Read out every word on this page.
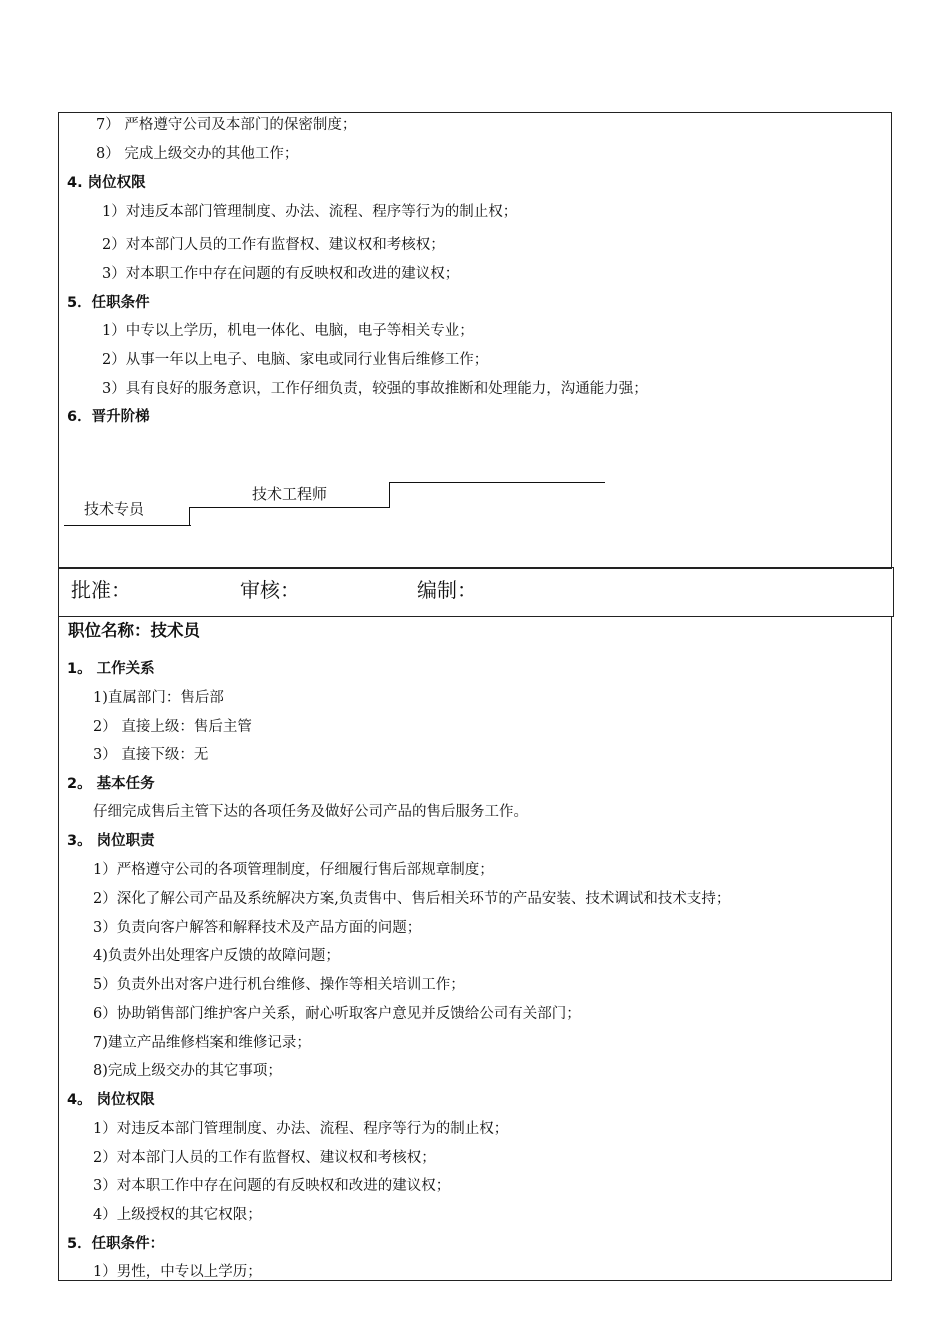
7） 严格遵守公司及本部门的保密制度；
8） 完成上级交办的其他工作；
4. 岗位权限
1）对违反本部门管理制度、办法、流程、程序等行为的制止权；
2）对本部门人员的工作有监督权、建议权和考核权；
3）对本职工作中存在问题的有反映权和改进的建议权；
5．任职条件
1）中专以上学历，机电一体化、电脑，电子等相关专业；
2）从事一年以上电子、电脑、家电或同行业售后维修工作；
3）具有良好的服务意识，工作仔细负责，较强的事故推断和处理能力，沟通能力强；
6．晋升阶梯
技术专员
技术工程师
批准：	审核：	编制：
职位名称：技术员
1。 工作关系
1)直属部门：售后部
2） 直接上级：售后主管
3） 直接下级：无
2。 基本任务
仔细完成售后主管下达的各项任务及做好公司产品的售后服务工作。
3。 岗位职责
1）严格遵守公司的各项管理制度，仔细履行售后部规章制度；
2）深化了解公司产品及系统解决方案,负责售中、售后相关环节的产品安装、技术调试和技术支持；
3）负责向客户解答和解释技术及产品方面的问题；
4)负责外出处理客户反馈的故障问题；
5）负责外出对客户进行机台维修、操作等相关培训工作；
6）协助销售部门维护客户关系，耐心听取客户意见并反馈给公司有关部门；
7)建立产品维修档案和维修记录；
8)完成上级交办的其它事项；
4。 岗位权限
1）对违反本部门管理制度、办法、流程、程序等行为的制止权；
2）对本部门人员的工作有监督权、建议权和考核权；
3）对本职工作中存在问题的有反映权和改进的建议权；
4）上级授权的其它权限；
5．任职条件：
1）男性，中专以上学历；
